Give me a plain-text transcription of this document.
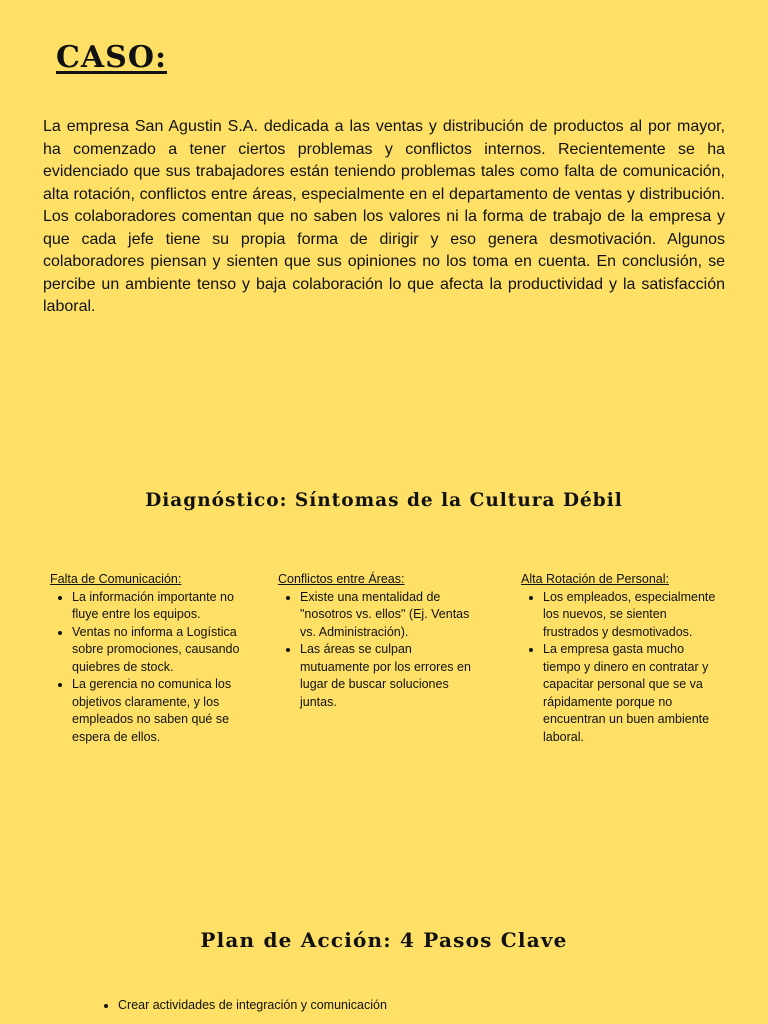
CASO:
La empresa San Agustin S.A. dedicada a las ventas y distribución de productos al por mayor, ha comenzado a tener ciertos problemas y conflictos internos. Recientemente se ha evidenciado que sus trabajadores están teniendo problemas tales como falta de comunicación, alta rotación, conflictos entre áreas, especialmente en el departamento de ventas y distribución. Los colaboradores comentan que no saben los valores ni la forma de trabajo de la empresa y que cada jefe tiene su propia forma de dirigir y eso genera desmotivación. Algunos colaboradores piensan y sienten que sus opiniones no los toma en cuenta. En conclusión, se percibe un ambiente tenso y baja colaboración lo que afecta la productividad y la satisfacción laboral.
Diagnóstico: Síntomas de la Cultura Débil
Falta de Comunicación:
• La información importante no fluye entre los equipos.
• Ventas no informa a Logística sobre promociones, causando quiebres de stock.
• La gerencia no comunica los objetivos claramente, y los empleados no saben qué se espera de ellos.
Conflictos entre Áreas:
• Existe una mentalidad de "nosotros vs. ellos" (Ej. Ventas vs. Administración).
• Las áreas se culpan mutuamente por los errores en lugar de buscar soluciones juntas.
Alta Rotación de Personal:
• Los empleados, especialmente los nuevos, se sienten frustrados y desmotivados.
• La empresa gasta mucho tiempo y dinero en contratar y capacitar personal que se va rápidamente porque no encuentran un buen ambiente laboral.
Plan de Acción: 4 Pasos Clave
• Crear actividades de integración y comunicación
